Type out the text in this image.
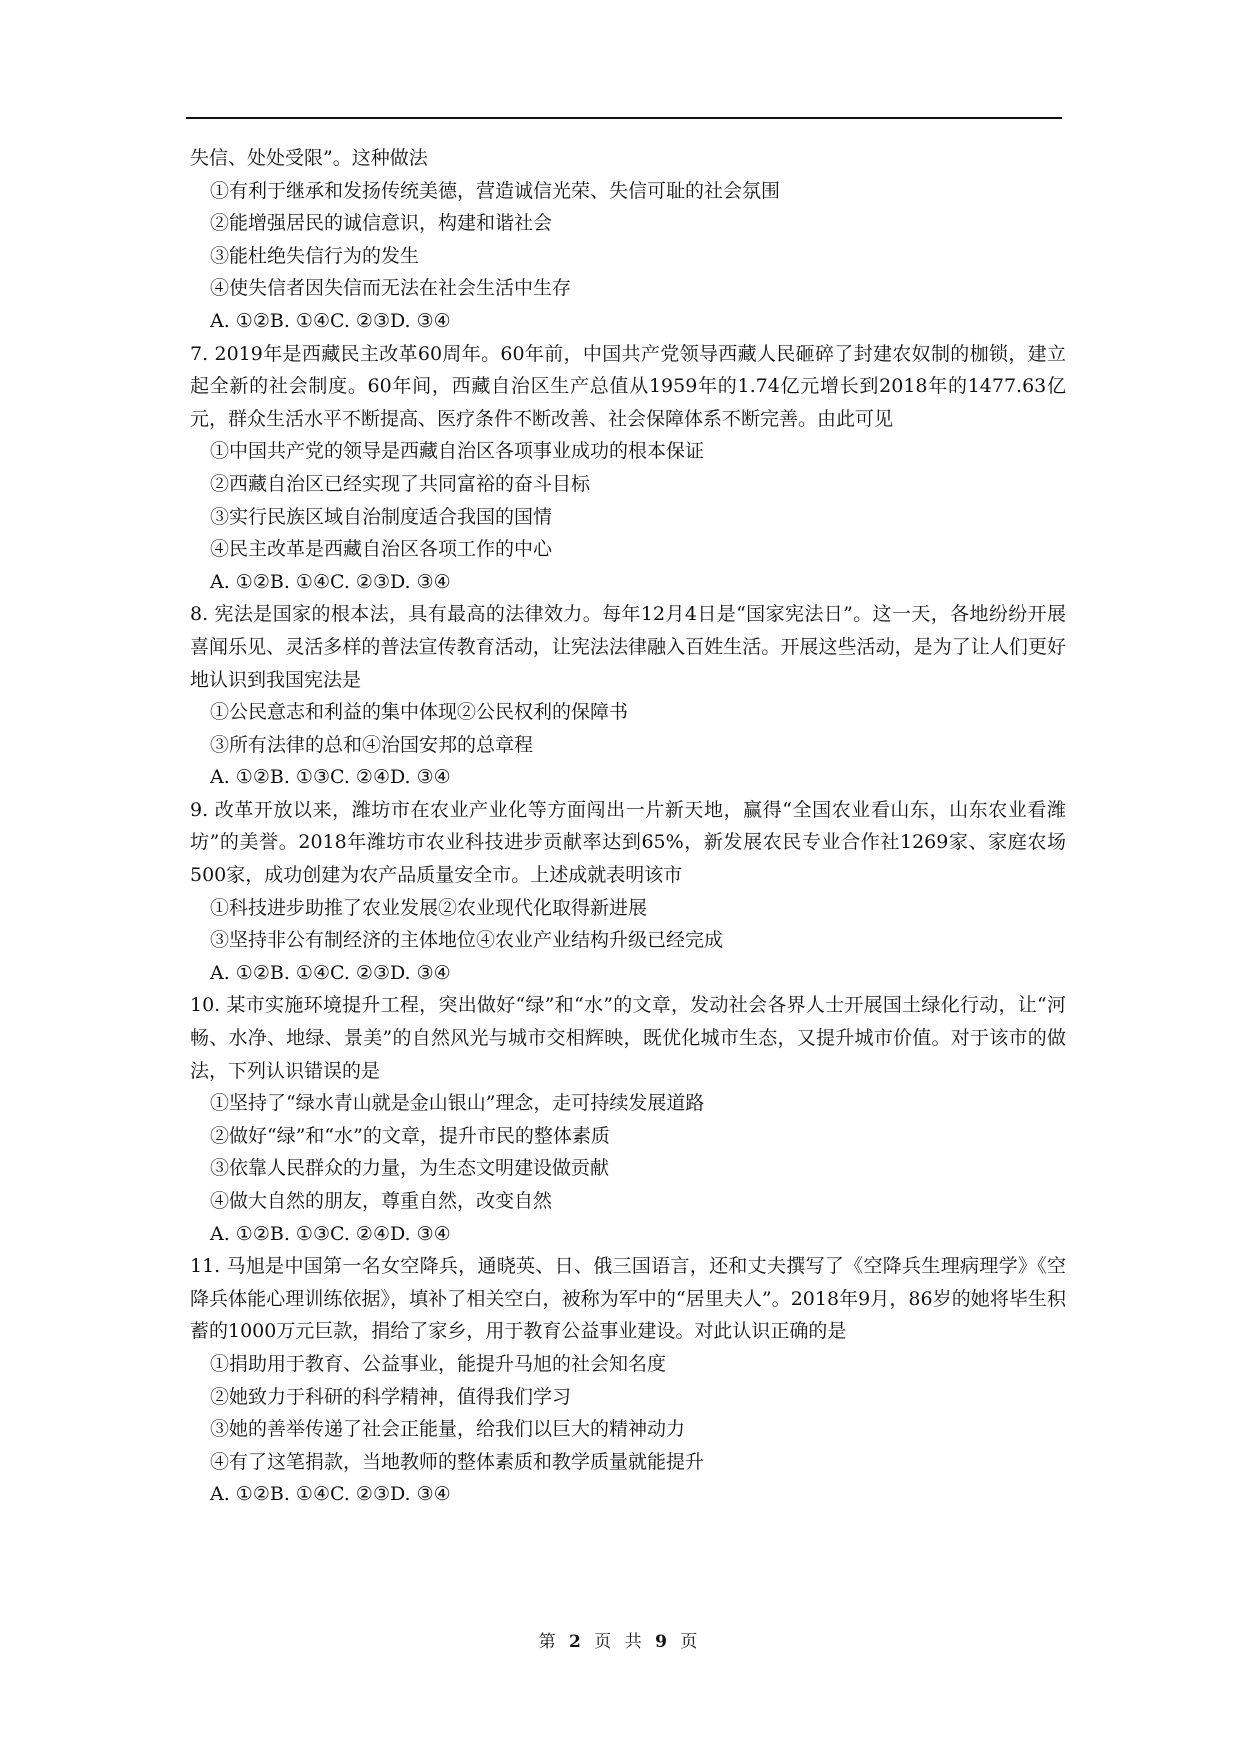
失信、处处受限”。这种做法
①有利于继承和发扬传统美德，营造诚信光荣、失信可耻的社会氛围
②能增强居民的诚信意识，构建和谐社会
③能杜绝失信行为的发生
④使失信者因失信而无法在社会生活中生存
A. ①②B. ①④C. ②③D. ③④
7. 2019年是西藏民主改革60周年。60年前，中国共产党领导西藏人民砸碎了封建农奴制的枷锁，建立起全新的社会制度。60年间，西藏自治区生产总值从1959年的1.74亿元增长到2018年的1477.63亿元，群众生活水平不断提高、医疗条件不断改善、社会保障体系不断完善。由此可见
①中国共产党的领导是西藏自治区各项事业成功的根本保证
②西藏自治区已经实现了共同富裕的奋斗目标
③实行民族区域自治制度适合我国的国情
④民主改革是西藏自治区各项工作的中心
A. ①②B. ①④C. ②③D. ③④
8. 宪法是国家的根本法，具有最高的法律效力。每年12月4日是“国家宪法日”。这一天，各地纷纷开展喜闻乐见、灵活多样的普法宣传教育活动，让宪法法律融入百姓生活。开展这些活动，是为了让人们更好地认识到我国宪法是
①公民意志和利益的集中体现②公民权利的保障书
③所有法律的总和④治国安邦的总章程
A. ①②B. ①③C. ②④D. ③④
9. 改革开放以来，潍坊市在农业产业化等方面闯出一片新天地，赢得“全国农业看山东，山东农业看潍坊”的美誉。2018年潍坊市农业科技进步贡献率达到65%，新发展农民专业合作社1269家、家庭农场500家，成功创建为农产品质量安全市。上述成就表明该市
①科技进步助推了农业发展②农业现代化取得新进展
③坚持非公有制经济的主体地位④农业产业结构升级已经完成
A. ①②B. ①④C. ②③D. ③④
10. 某市实施环境提升工程，突出做好“绿”和“水”的文章，发动社会各界人士开展国土绿化行动，让“河畅、水净、地绿、景美”的自然风光与城市交相辉映，既优化城市生态，又提升城市价值。对于该市的做法，下列认识错误的是
①坚持了“绿水青山就是金山银山”理念，走可持续发展道路
②做好“绿”和“水”的文章，提升市民的整体素质
③依靠人民群众的力量，为生态文明建设做贡献
④做大自然的朋友，尊重自然，改变自然
A. ①②B. ①③C. ②④D. ③④
11. 马旭是中国第一名女空降兵，通晓英、日、俄三国语言，还和丈夫撰写了《空降兵生理病理学》《空降兵体能心理训练依据》，填补了相关空白，被称为军中的“居里夫人”。2018年9月，86岁的她将毕生积蓄的1000万元巨款，捐给了家乡，用于教育公益事业建设。对此认识正确的是
①捐助用于教育、公益事业，能提升马旭的社会知名度
②她致力于科研的科学精神，值得我们学习
③她的善举传递了社会正能量，给我们以巨大的精神动力
④有了这笔捐款，当地教师的整体素质和教学质量就能提升
A. ①②B. ①④C. ②③D. ③④
第 2 页 共 9 页
